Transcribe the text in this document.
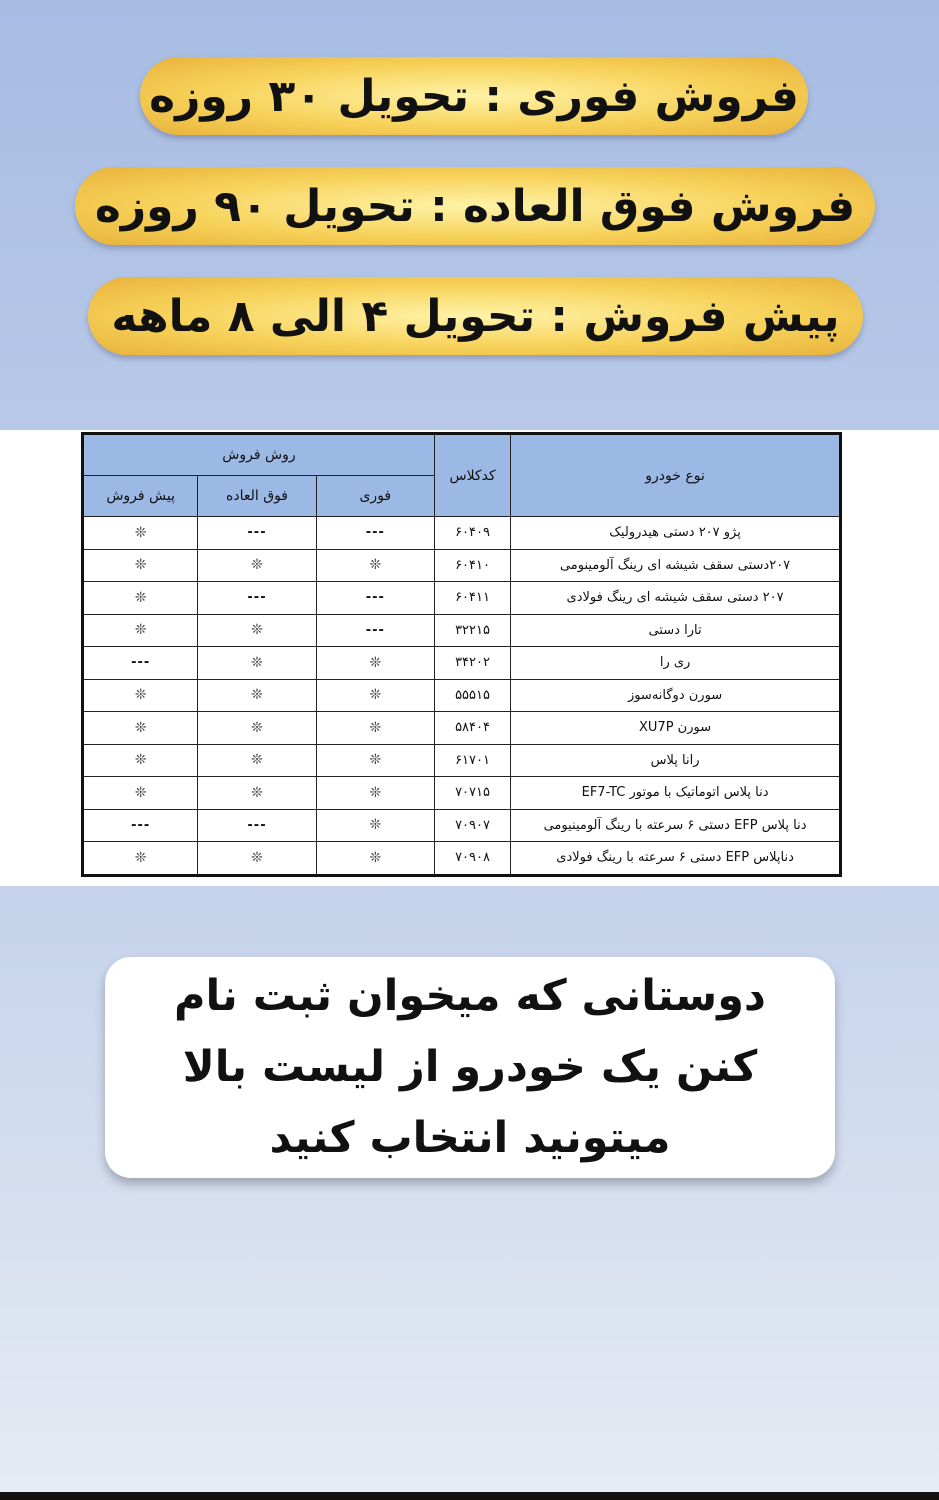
فروش فوری : تحویل ۳۰ روزه
فروش فوق العاده : تحویل ۹۰ روزه
پیش فروش : تحویل ۴ الی ۸ ماهه
نوع خودرو	کدکلاس	روش فروش		
		فوری	فوق العاده	پیش فروش
پژو ۲۰۷ دستی هیدرولیک	۶۰۴۰۹	---	---	❊
۲۰۷دستی سقف شیشه ای رینگ آلومینومی	۶۰۴۱۰	❊	❊	❊
۲۰۷ دستی سقف شیشه ای رینگ فولادی	۶۰۴۱۱	---	---	❊
تارا دستی	۳۲۲۱۵	---	❊	❊
ری را	۳۴۲۰۲	❊	❊	---
سورن دوگانه‌سوز	۵۵۵۱۵	❊	❊	❊
سورن XU7P	۵۸۴۰۴	❊	❊	❊
رانا پلاس	۶۱۷۰۱	❊	❊	❊
دنا پلاس اتوماتیک با موتور EF7-TC	۷۰۷۱۵	❊	❊	❊
دنا پلاس EFP دستی ۶ سرعته با رینگ آلومینیومی	۷۰۹۰۷	❊	---	---
دناپلاس EFP دستی ۶ سرعته با رینگ فولادی	۷۰۹۰۸	❊	❊	❊
دوستانی که میخوان ثبت نام
کنن یک خودرو از لیست بالا
میتونید انتخاب کنید
